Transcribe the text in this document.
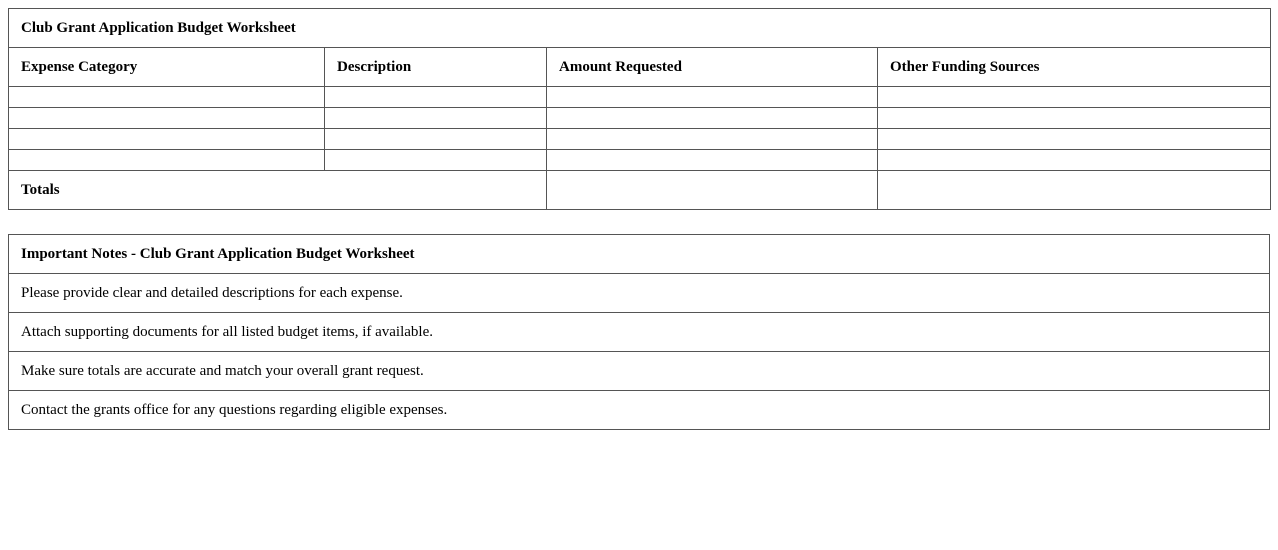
Club Grant Application Budget Worksheet			
Expense Category	Description	Amount Requested	Other Funding Sources

Totals			
Important Notes - Club Grant Application Budget Worksheet
Please provide clear and detailed descriptions for each expense.
Attach supporting documents for all listed budget items, if available.
Make sure totals are accurate and match your overall grant request.
Contact the grants office for any questions regarding eligible expenses.
